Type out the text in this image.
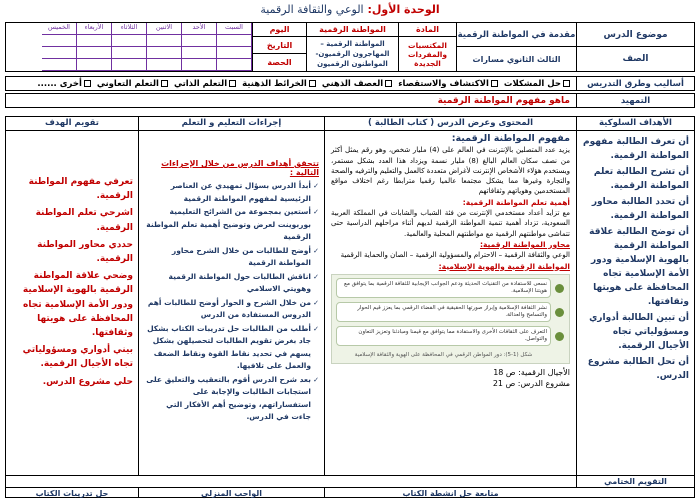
الوحدة الأول: الوعي والثقافة الرقمية
موضوع الدرس
الصف
مقدمة في المواطنة الرقمية
الثالث الثانوي مسارات
المادة
المكتسبات والمفردات الجديدة
المواطنة الرقمية
المواطنة الرقمية – المهاجرون الرقميون- المواطنون الرقميون
اليوم
التاريخ
الحصة
السبت
الأحد
الاثنين
الثلاثاء
الأربعاء
الخميس
أساليب وطرق التدريس
حل المشكلات
الاكتشاف والاستقصاء
العصف الذهني
الخرائط الذهنية
التعلم الذاتي
التعلم التعاوني
أخرى ......
التمهيد
ماهو مفهوم المواطنة الرقمية
الأهداف السلوكية

أن تعرف الطالبة مفهوم المواطنة الرقمية.

أن تشرح الطالبة تعلم المواطنة الرقمية.

أن تحدد الطالبة محاور المواطنة الرقمية.

أن توضح الطالبة علاقة المواطنة الرقمية بالهوية الإسلامية ودور الأمة الإسلامية تجاه المحافظة على هويتها وثقافتها.

أن تبين الطالبة أدواري ومسؤولياتي تجاه الأجيال الرقمية.

أن تحل الطالبة مشروع الدرس.

المحتوى وعرض الدرس ( كتاب الطالبة )
مفهوم المواطنة الرقمية:

يزيد عدد المتصلين بالإنترنت في العالم على (4) مليار شخص، وهو رقم يمثل أكثر من نصف سكان العالم البالغ (8) مليار نسمة ويزداد هذا العدد بشكل مستمر، ويستخدم هؤلاء الأشخاص الإنترنت لأغراض متعددة كالعمل والتعليم والترفيه والصحة والتجارة وغيرها مما يشكل مجتمعا عالميا رقميا مترابطا رغم اختلاف مواقع المستخدمين وهوياتهم وثقافاتهم

أهمية تعلم المواطنة الرقمية:

مع تزايد أعداد مستخدمي الإنترنت من فئة الشباب والشابات في المملكة العربية السعودية، تزداد أهمية تنمية المواطنة الرقمية لديهم أثناء مراحلهم الدراسية حتى تتماشى مواطنتهم الرقمية مع مواطنتهم المحلية والعالمية.

محاور المواطنة الرقمية:

الوعي والثقافة الرقمية – الاحترام والمسؤولية الرقمية – الصان والحماية الرقمية

المواطنة الرقمية والهوية الإسلامية:
نسعى للاستفادة من التقنيات الحديثة ودعم الجوانب الإيجابية للثقافة الرقمية بما يتوافق مع هويتنا الإسلامية.
نشر الثقافة الإسلامية وإبراز صورتها الحقيقية في الفضاء الرقمي بما يعزز قيم الحوار والتسامح والعدالة.
التعرف على الثقافات الأخرى والاستفادة مما يتوافق مع قيمنا ومبادئنا وتعزيز التعاون والتواصل.
شكل (1-5): دور المواطن الرقمي في المحافظة على الهوية والثقافة الإسلامية
الأجيال الرقمية: ص 18
مشروع الدرس: ص 21
إجراءات التعليم و التعلم
تتحقق أهداف الدرس من خلال الإجراءات التالية :
✓ أبدأ الدرس بسؤال تمهيدي عن العناصر الرئيسية لمفهوم المواطنة الرقمية
✓ أستعين بمجموعة من الشرائح التعليمية بوربوينت لعرض وتوضيح أهمية تعلم المواطنة الرقمية
✓ أوضح للطالبات من خلال الشرح محاور المواطنة الرقمية
✓ اناقش الطالبات حول المواطنة الرقمية وهويتي الاسلامي
✓ من خلال الشرح و الحوار أوضح للطالبات أهم الدروس المستفادة من الدرس
✓ أطلب من الطالبات حل تدريبات الكتاب بشكل جاد بغرض تقويم الطالبات لتحصيلهن بشكل يسهم في تحديد نقاط القوة ونقاط الضعف والعمل على تلافيها.
✓ بعد شرح الدرس أقوم بالتعقيب والتعليق على استجابات الطالبات والإجابة على استفساراتهم، وتوضيح أهم الأفكار التي جاءت في الدرس.
تقويم الهدف

تعرفي مفهوم المواطنة الرقمية.

اشرحي تعلم المواطنة الرقمية.

حددي محاور المواطنة الرقمية.

وضحي علاقة المواطنة الرقمية بالهوية الإسلامية ودور الأمة الإسلامية تجاه المحافظة على هويتها وثقافتها.

بيني أدواري ومسؤولياتي تجاه الأجيال الرقمية.

حلي مشروع الدرس.

التقويم الختامي
متابعة حل انشطة الكتاب
الواجب المنزلي
حل تدريبات الكتاب
